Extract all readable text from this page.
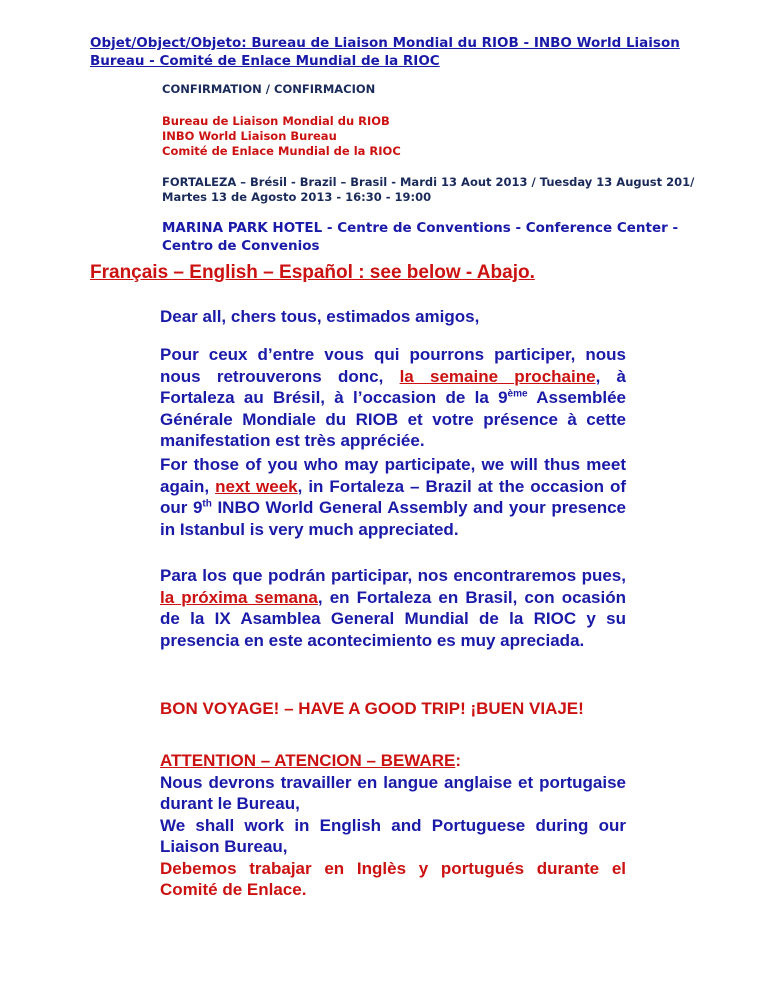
Objet/Object/Objeto: Bureau de Liaison Mondial du RIOB - INBO World Liaison Bureau - Comité de Enlace Mundial de la RIOC
CONFIRMATION / CONFIRMACION
Bureau de Liaison Mondial du RIOB
INBO World Liaison Bureau
Comité de Enlace Mundial de la RIOC
FORTALEZA – Brésil - Brazil – Brasil - Mardi 13 Aout 2013 / Tuesday 13 August 201/ Martes 13 de Agosto 2013 - 16:30 - 19:00
MARINA PARK HOTEL - Centre de Conventions - Conference Center - Centro de Convenios
Français – English – Español : see below - Abajo.
Dear all, chers tous, estimados amigos,
Pour ceux d’entre vous qui pourrons participer, nous nous retrouverons donc, la semaine prochaine, à Fortaleza au Brésil, à l’occasion de la 9ème Assemblée Générale Mondiale du RIOB et votre présence à cette manifestation est très appréciée.
For those of you who may participate, we will thus meet again, next week, in Fortaleza – Brazil at the occasion of our 9th INBO World General Assembly and your presence in Istanbul is very much appreciated.
Para los que podrán participar, nos encontraremos pues, la próxima semana, en Fortaleza en Brasil, con ocasión de la IX Asamblea General Mundial de la RIOC y su presencia en este acontecimiento es muy apreciada.
BON VOYAGE! – HAVE A GOOD TRIP! ¡BUEN VIAJE!
ATTENTION – ATENCION – BEWARE:
Nous devrons travailler en langue anglaise et portugaise durant le Bureau,
We shall work in English and Portuguese during our Liaison Bureau,
Debemos trabajar en Inglès y portugués durante el Comité de Enlace.
